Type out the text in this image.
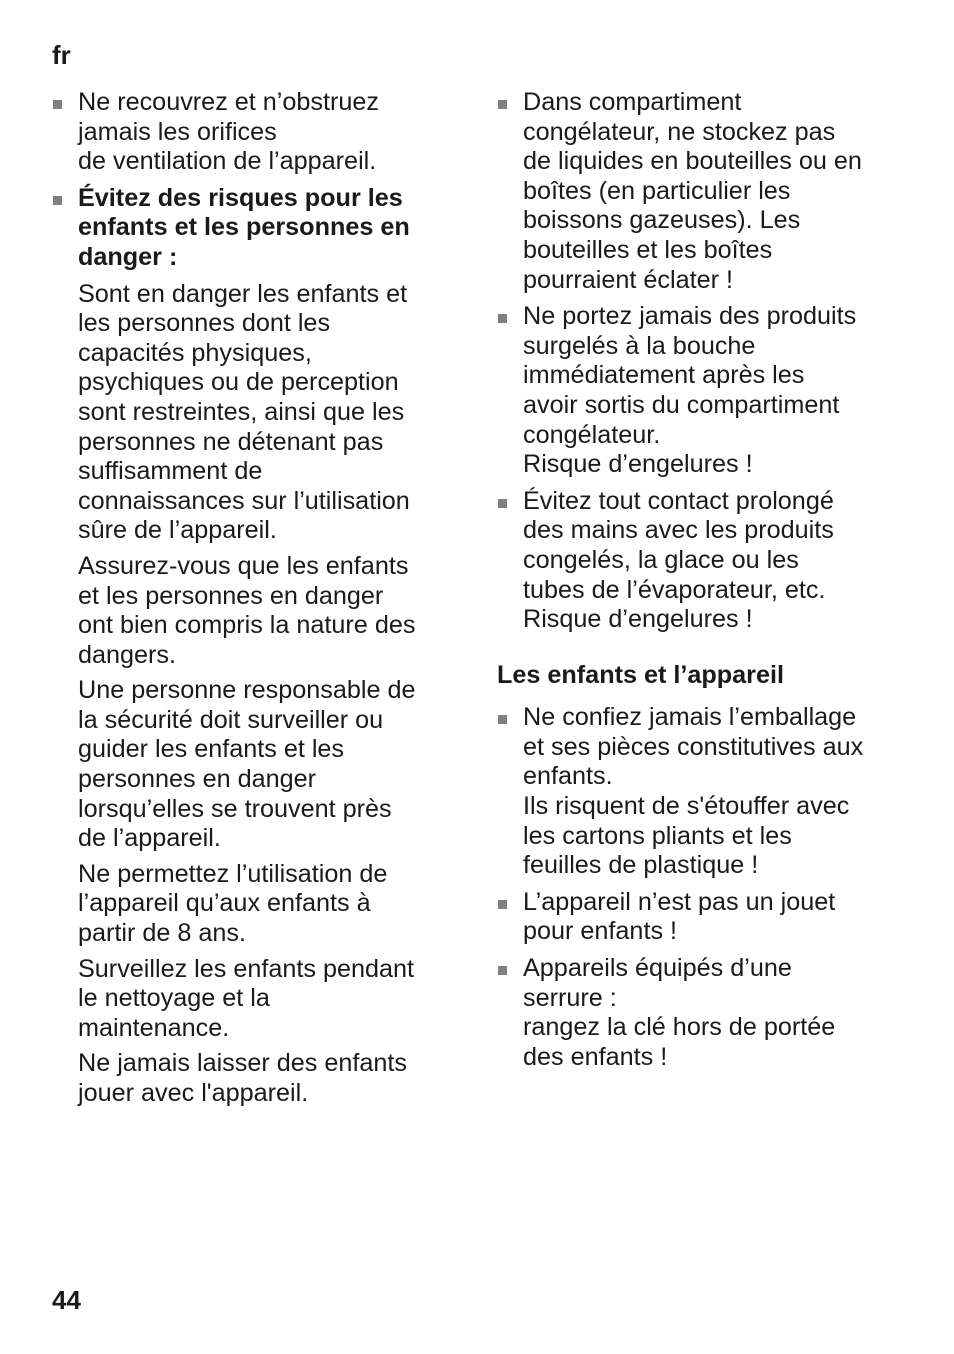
fr
Ne recouvrez et n’obstruez
jamais les orifices
de ventilation de l’appareil.
Évitez des risques pour les
enfants et les personnes en
danger :
Sont en danger les enfants et
les personnes dont les
capacités physiques,
psychiques ou de perception
sont restreintes, ainsi que les
personnes ne détenant pas
suffisamment de
connaissances sur l’utilisation
sûre de l’appareil.
Assurez-vous que les enfants
et les personnes en danger
ont bien compris la nature des
dangers.
Une personne responsable de
la sécurité doit surveiller ou
guider les enfants et les
personnes en danger
lorsqu’elles se trouvent près
de l’appareil.
Ne permettez l’utilisation de
l’appareil qu’aux enfants à
partir de 8 ans.
Surveillez les enfants pendant
le nettoyage et la
maintenance.
Ne jamais laisser des enfants
jouer avec l'appareil.
Dans compartiment
congélateur, ne stockez pas
de liquides en bouteilles ou en
boîtes (en particulier les
boissons gazeuses). Les
bouteilles et les boîtes
pourraient éclater !
Ne portez jamais des produits
surgelés à la bouche
immédiatement après les
avoir sortis du compartiment
congélateur.
Risque d’engelures !
Évitez tout contact prolongé
des mains avec les produits
congelés, la glace ou les
tubes de l’évaporateur, etc.
Risque d’engelures !
Les enfants et l’appareil
Ne confiez jamais l’emballage
et ses pièces constitutives aux
enfants.
Ils risquent de s'étouffer avec
les cartons pliants et les
feuilles de plastique !
L’appareil n’est pas un jouet
pour enfants !
Appareils équipés d’une
serrure :
rangez la clé hors de portée
des enfants !
44
